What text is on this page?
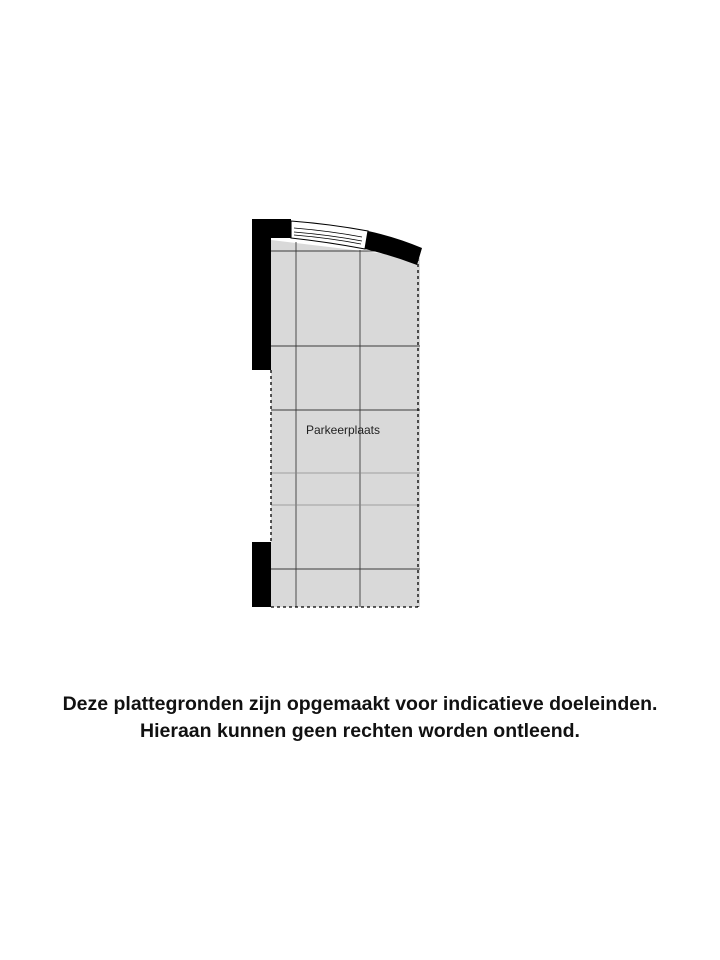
Parkeerplaats
Deze plattegronden zijn opgemaakt voor indicatieve doeleinden.
Hieraan kunnen geen rechten worden ontleend.
